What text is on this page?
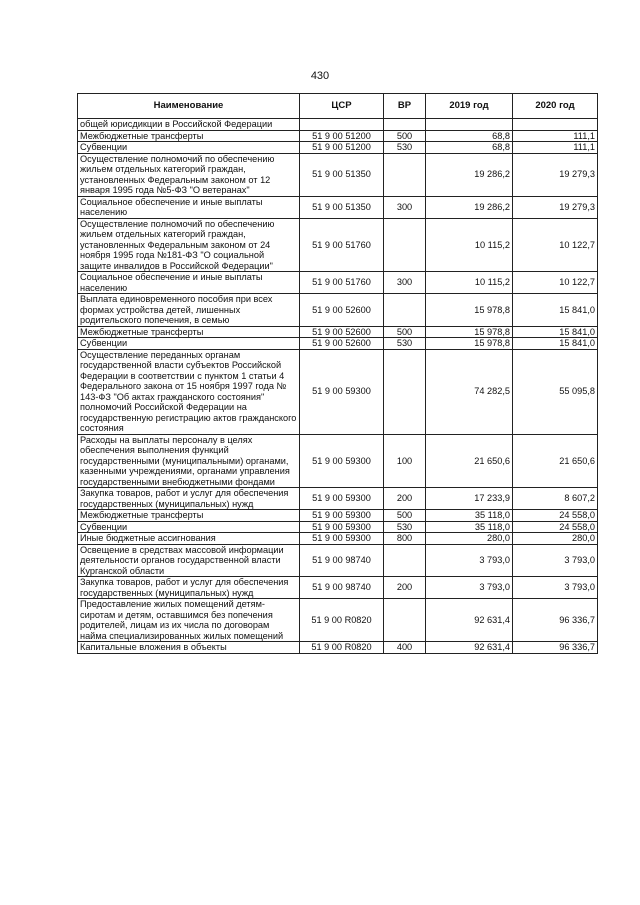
430
Наименование	ЦСР	ВР	2019 год	2020 год
общей юрисдикции в Российской Федерации				
Межбюджетные трансферты	51 9 00 51200	500	68,8	111,1
Субвенции	51 9 00 51200	530	68,8	111,1
Осуществление полномочий по обеспечению жильем отдельных категорий граждан, установленных Федеральным законом от 12 января 1995 года №5-ФЗ "О ветеранах"	51 9 00 51350		19 286,2	19 279,3
Социальное обеспечение и иные выплаты населению	51 9 00 51350	300	19 286,2	19 279,3
Осуществление полномочий по обеспечению жильем отдельных категорий граждан, установленных Федеральным законом от 24 ноября 1995 года №181-ФЗ "О социальной защите инвалидов в Российской Федерации"	51 9 00 51760		10 115,2	10 122,7
Социальное обеспечение и иные выплаты населению	51 9 00 51760	300	10 115,2	10 122,7
Выплата единовременного пособия при всех формах устройства детей, лишенных родительского попечения, в семью	51 9 00 52600		15 978,8	15 841,0
Межбюджетные трансферты	51 9 00 52600	500	15 978,8	15 841,0
Субвенции	51 9 00 52600	530	15 978,8	15 841,0
Осуществление переданных органам государственной власти субъектов Российской Федерации в соответствии с пунктом 1 статьи 4 Федерального закона от 15 ноября 1997 года № 143-ФЗ "Об актах гражданского состояния" полномочий Российской Федерации на государственную регистрацию актов гражданского состояния	51 9 00 59300		74 282,5	55 095,8
Расходы на выплаты персоналу в целях обеспечения выполнения функций государственными (муниципальными) органами, казенными учреждениями, органами управления государственными внебюджетными фондами	51 9 00 59300	100	21 650,6	21 650,6
Закупка товаров, работ и услуг для обеспечения государственных (муниципальных) нужд	51 9 00 59300	200	17 233,9	8 607,2
Межбюджетные трансферты	51 9 00 59300	500	35 118,0	24 558,0
Субвенции	51 9 00 59300	530	35 118,0	24 558,0
Иные бюджетные ассигнования	51 9 00 59300	800	280,0	280,0
Освещение в средствах массовой информации деятельности органов государственной власти Курганской области	51 9 00 98740		3 793,0	3 793,0
Закупка товаров, работ и услуг для обеспечения государственных (муниципальных) нужд	51 9 00 98740	200	3 793,0	3 793,0
Предоставление жилых помещений детям-сиротам и детям, оставшимся без попечения родителей, лицам из их числа по договорам найма специализированных жилых помещений	51 9 00 R0820		92 631,4	96 336,7
Капитальные вложения в объекты	51 9 00 R0820	400	92 631,4	96 336,7
